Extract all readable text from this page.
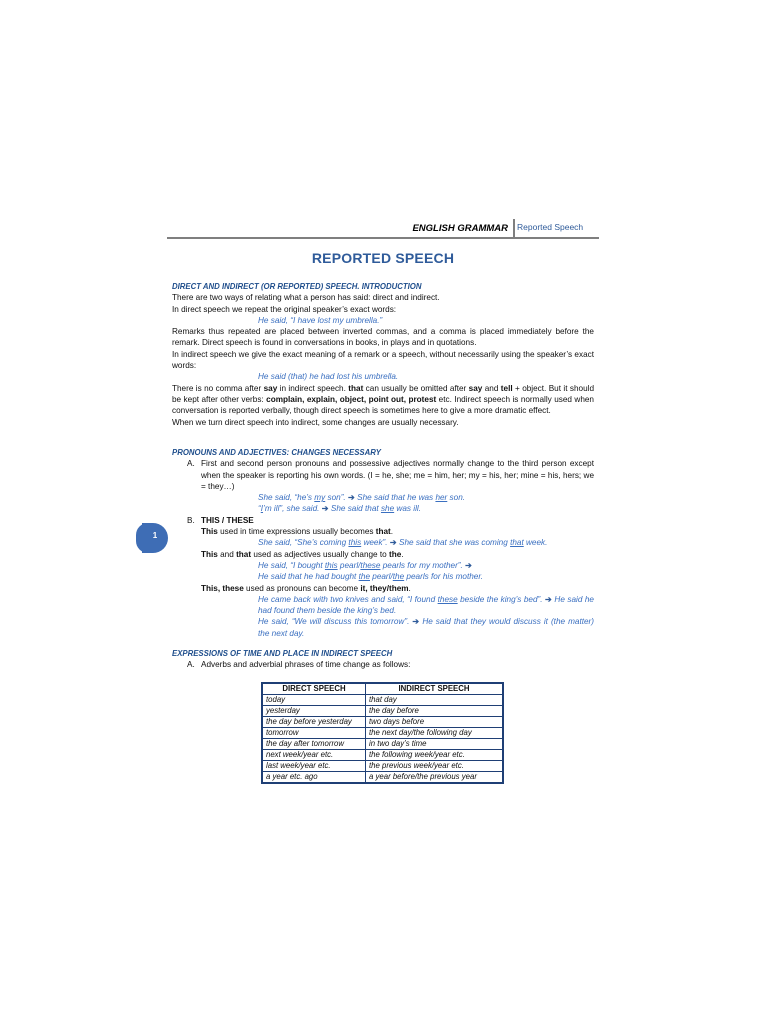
ENGLISH GRAMMAR Reported Speech
1
REPORTED SPEECH
DIRECT AND INDIRECT (OR REPORTED) SPEECH. INTRODUCTION
There are two ways of relating what a person has said: direct and indirect.
In direct speech we repeat the original speaker’s exact words:
He said, “I have lost my umbrella.”
Remarks thus repeated are placed between inverted commas, and a comma is placed immediately before the remark. Direct speech is found in conversations in books, in plays and in quotations.
In indirect speech we give the exact meaning of a remark or a speech, without necessarily using the speaker’s exact words:
He said (that) he had lost his umbrella.
There is no comma after say in indirect speech. that can usually be omitted after say and tell + object. But it should be kept after other verbs: complain, explain, object, point out, protest etc. Indirect speech is normally used when conversation is reported verbally, though direct speech is sometimes here to give a more dramatic effect.
When we turn direct speech into indirect, some changes are usually necessary.
PRONOUNS AND ADJECTIVES: CHANGES NECESSARY
A. First and second person pronouns and possessive adjectives normally change to the third person except when the speaker is reporting his own words. (I = he, she; me = him, her; my = his, her; mine = his, hers; we = they…)
She said, “he’s my son”. ➔ She said that he was her son.
“I’m ill”, she said. ➔ She said that she was ill.
B. THIS / THESE
This used in time expressions usually becomes that.
She said, “She’s coming this week”. ➔ She said that she was coming that week.
This and that used as adjectives usually change to the.
He said, “I bought this pearl/these pearls for my mother”. ➔
He said that he had bought the pearl/the pearls for his mother.
This, these used as pronouns can become it, they/them.
He came back with two knives and said, “I found these beside the king’s bed”. ➔ He said he had found them beside the king’s bed.
He said, “We will discuss this tomorrow”. ➔ He said that they would discuss it (the matter) the next day.
EXPRESSIONS OF TIME AND PLACE IN INDIRECT SPEECH
A. Adverbs and adverbial phrases of time change as follows:
DIRECT SPEECH	INDIRECT SPEECH
today	that day
yesterday	the day before
the day before yesterday	two days before
tomorrow	the next day/the following day
the day after tomorrow	in two day’s time
next week/year etc.	the following week/year etc.
last week/year etc.	the previous week/year etc.
a year etc. ago	a year before/the previous year
